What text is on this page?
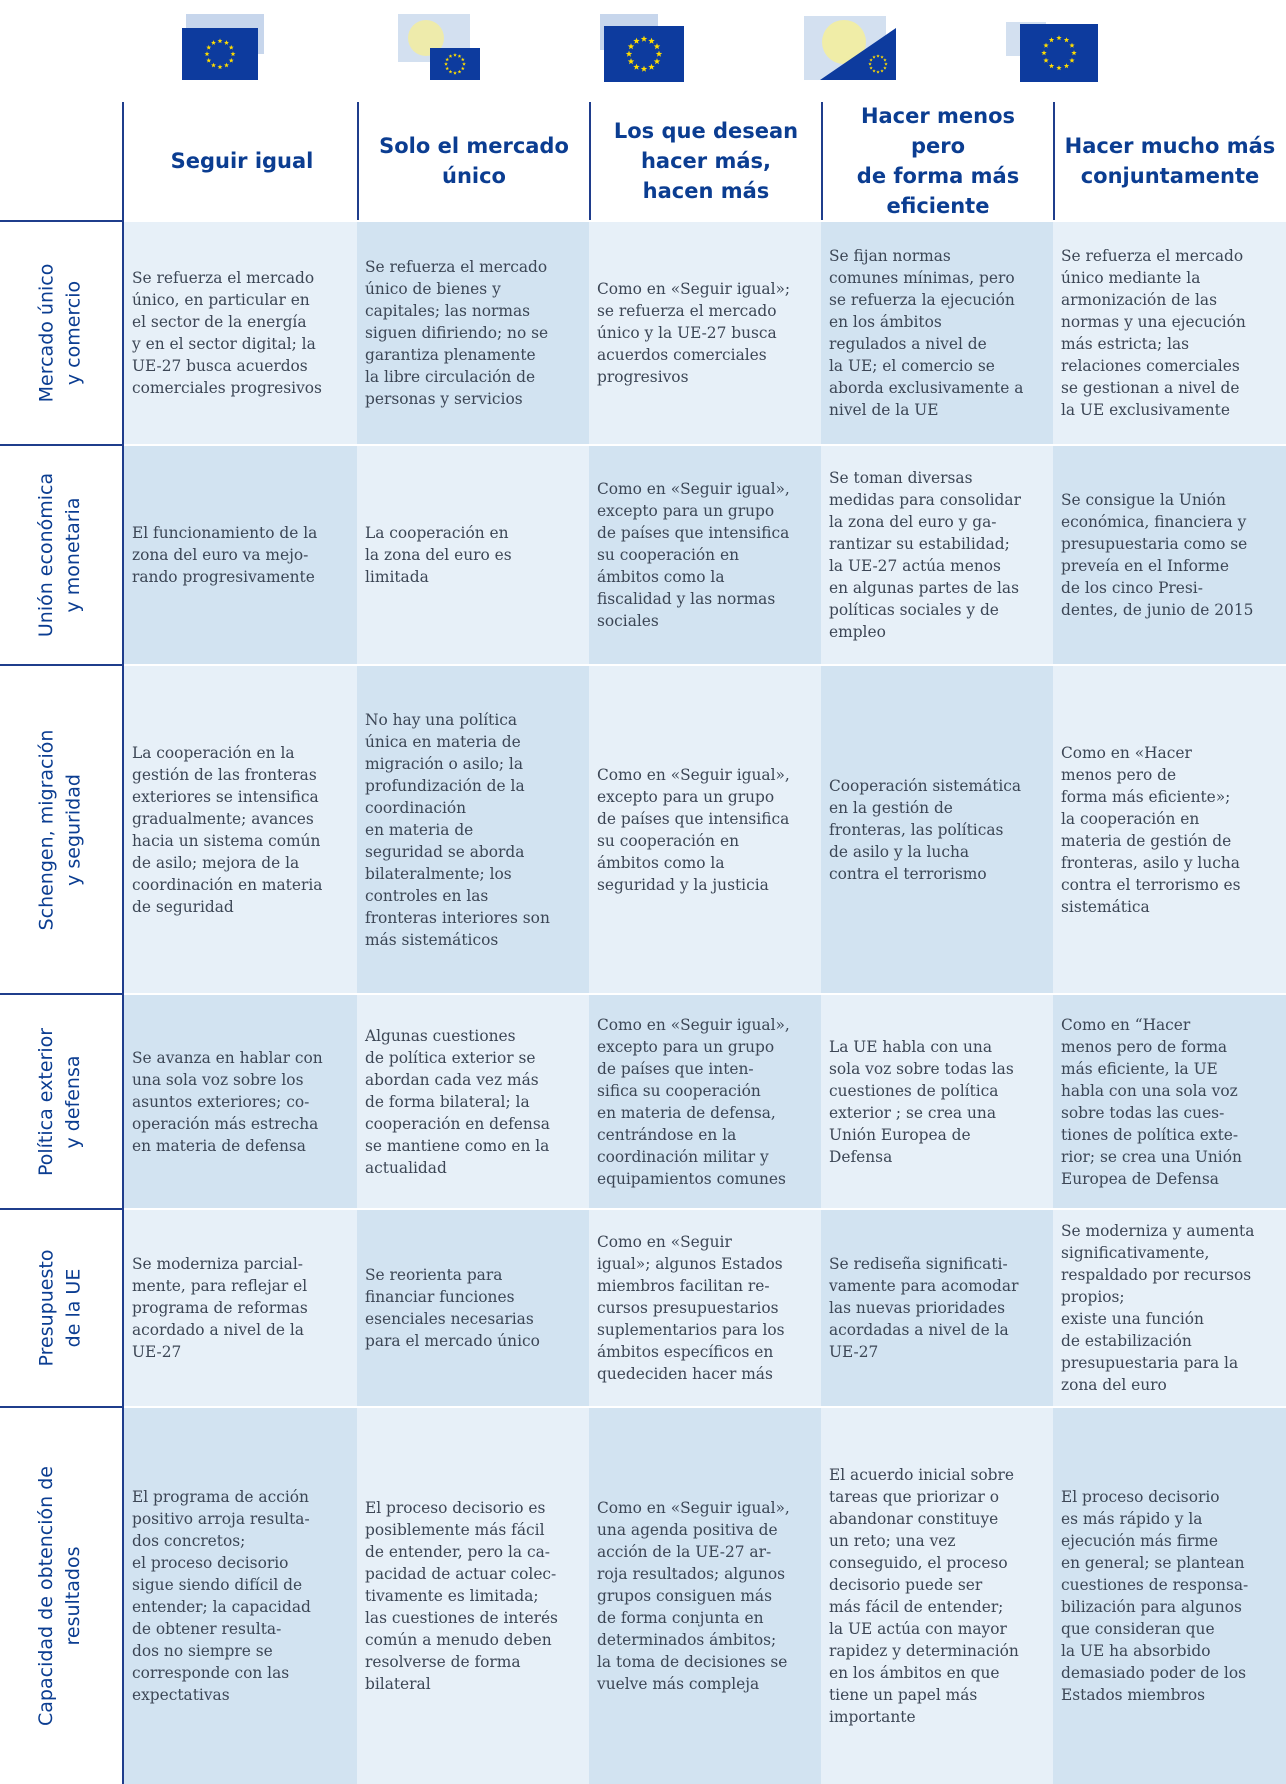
Seguir igual
Solo el mercado
único
Los que desean
hacer más,
hacen más
Hacer menos pero
de forma más
eficiente
Hacer mucho más
conjuntamente
Mercado único
y comercio
Se refuerza el mercado
único, en particular en
el sector de la energía
y en el sector digital; la
UE-27 busca acuerdos
comerciales progresivos
Se refuerza el mercado
único de bienes y
capitales; las normas
siguen difiriendo; no se
garantiza plenamente
la libre circulación de
personas y servicios
Como en «Seguir igual»;
se refuerza el mercado
único y la UE-27 busca
acuerdos comerciales
progresivos
Se fijan normas
comunes mínimas, pero
se refuerza la ejecución
en los ámbitos
regulados a nivel de
la UE; el comercio se
aborda exclusivamente a
nivel de la UE
Se refuerza el mercado
único mediante la
armonización de las
normas y una ejecución
más estricta; las
relaciones comerciales
se gestionan a nivel de
la UE exclusivamente
Unión económica
y monetaria	El funcionamiento de la
zona del euro va mejo-
rando progresivamente
La cooperación en
la zona del euro es
limitada
Como en «Seguir igual»,
excepto para un grupo
de países que intensifica
su cooperación en
ámbitos como la
fiscalidad y las normas
sociales
Se toman diversas
medidas para consolidar
la zona del euro y ga-
rantizar su estabilidad;
la UE-27 actúa menos
en algunas partes de las
políticas sociales y de
empleo
Se consigue la Unión
económica, financiera y
presupuestaria como se
preveía en el Informe
de los cinco Presi-
dentes, de junio de 2015
Schengen, migración
y seguridad
La cooperación en la
gestión de las fronteras
exteriores se intensifica
gradualmente; avances
hacia un sistema común
de asilo; mejora de la
coordinación en materia
de seguridad
No hay una política
única en materia de
migración o asilo; la
profundización de la
coordinación
en materia de
seguridad se aborda
bilateralmente; los
controles en las
fronteras interiores son
más sistemáticos
Como en «Seguir igual»,
excepto para un grupo
de países que intensifica
su cooperación en
ámbitos como la
seguridad y la justicia
Cooperación sistemática
en la gestión de
fronteras, las políticas
de asilo y la lucha
contra el terrorismo
Como en «Hacer
menos pero de
forma más eficiente»;
la cooperación en
materia de gestión de
fronteras, asilo y lucha
contra el terrorismo es
sistemática
Política exterior
y defensa	Se avanza en hablar con
una sola voz sobre los
asuntos exteriores; co-
operación más estrecha
en materia de defensa
Algunas cuestiones
de política exterior se
abordan cada vez más
de forma bilateral; la
cooperación en defensa
se mantiene como en la
actualidad
Como en «Seguir igual»,
excepto para un grupo
de países que inten-
sifica su cooperación
en materia de defensa,
centrándose en la
coordinación militar y
equipamientos comunes
La UE habla con una
sola voz sobre todas las
cuestiones de política
exterior ; se crea una
Unión Europea de
Defensa
Como en “Hacer
menos pero de forma
más eficiente, la UE
habla con una sola voz
sobre todas las cues-
tiones de política exte-
rior; se crea una Unión
Europea de Defensa
Presupuesto
de la UE
Se moderniza parcial-
mente, para reflejar el
programa de reformas
acordado a nivel de la
UE-27
Se reorienta para
financiar funciones
esenciales necesarias
para el mercado único
Como en «Seguir
igual»; algunos Estados
miembros facilitan re-
cursos presupuestarios
suplementarios para los
ámbitos específicos en
quedeciden hacer más
Se rediseña significati-
vamente para acomodar
las nuevas prioridades
acordadas a nivel de la
UE-27
Se moderniza y aumenta
significativamente,
respaldado por recursos
propios;
existe una función
de estabilización
presupuestaria para la
zona del euro
Capacidad de obtención de
resultados
El programa de acción
positivo arroja resulta-
dos concretos;
el proceso decisorio
sigue siendo difícil de
entender; la capacidad
de obtener resulta-
dos no siempre se
corresponde con las
expectativas
El proceso decisorio es
posiblemente más fácil
de entender, pero la ca-
pacidad de actuar colec-
tivamente es limitada;
las cuestiones de interés
común a menudo deben
resolverse de forma
bilateral
Como en «Seguir igual»,
una agenda positiva de
acción de la UE-27 ar-
roja resultados; algunos
grupos consiguen más
de forma conjunta en
determinados ámbitos;
la toma de decisiones se
vuelve más compleja
El acuerdo inicial sobre
tareas que priorizar o
abandonar constituye
un reto; una vez
conseguido, el proceso
decisorio puede ser
más fácil de entender;
la UE actúa con mayor
rapidez y determinación
en los ámbitos en que
tiene un papel más
importante
El proceso decisorio
es más rápido y la
ejecución más firme
en general; se plantean
cuestiones de responsa-
bilización para algunos
que consideran que
la UE ha absorbido
demasiado poder de los
Estados miembros
